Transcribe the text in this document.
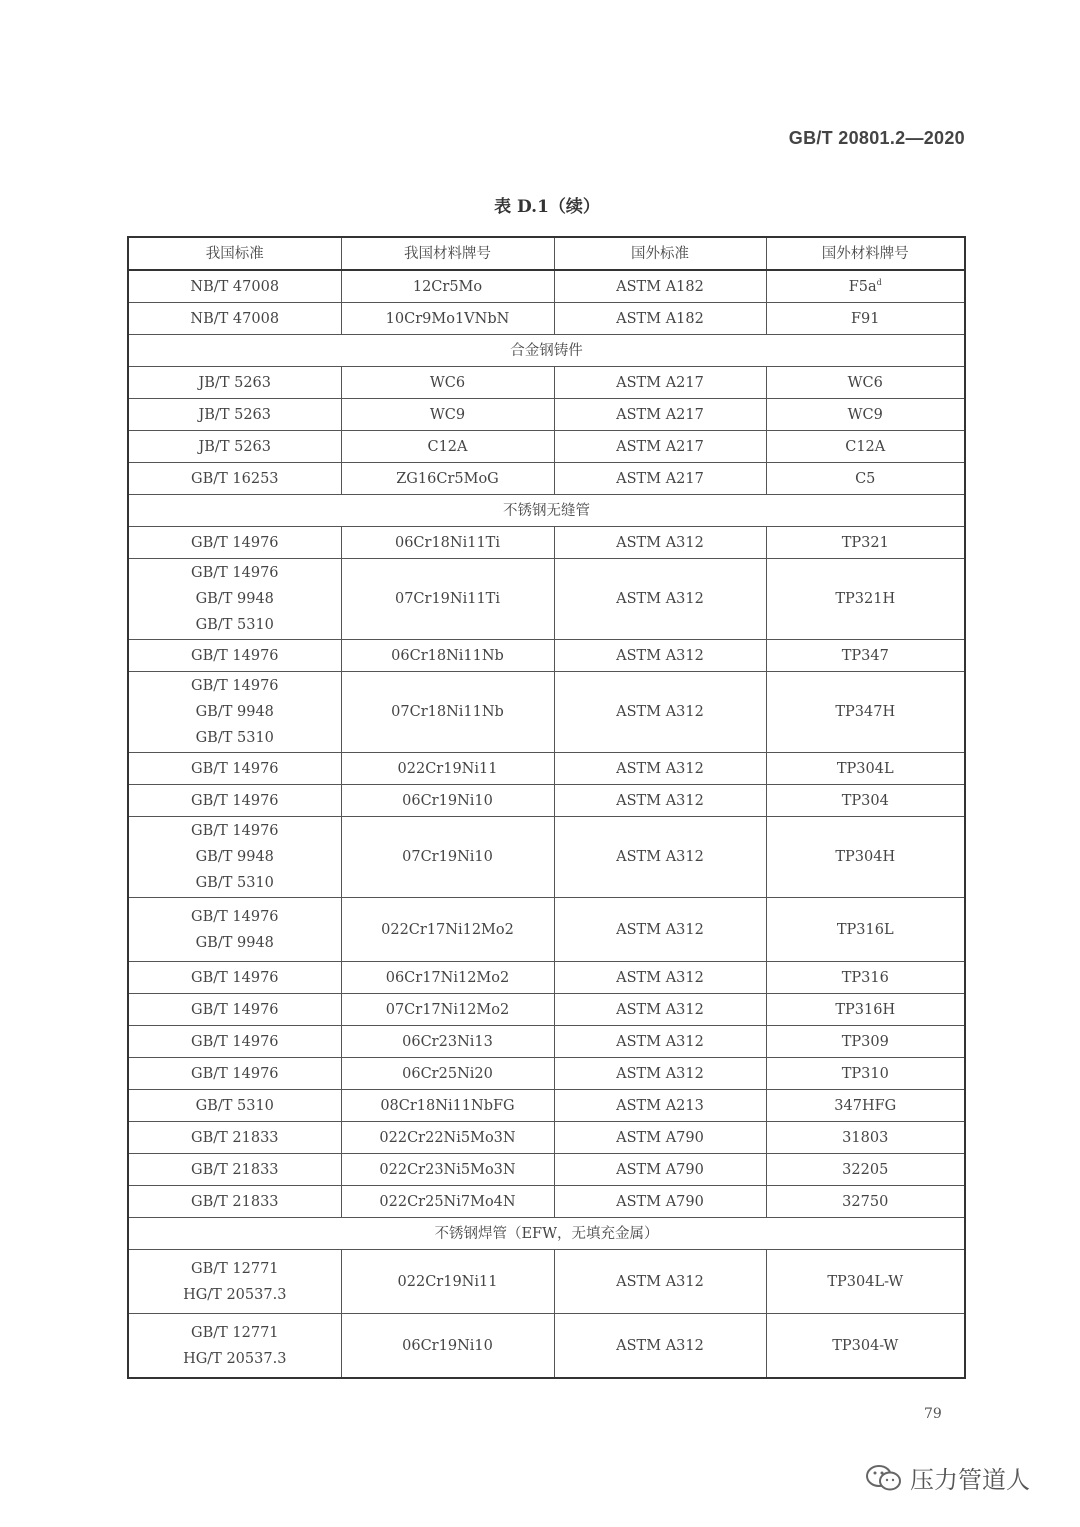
GB/T 20801.2—2020
表 D.1（续）
我国标准	我国材料牌号	国外标准	国外材料牌号

NB/T 47008	12Cr5Mo	ASTM A182	$F5a^d$

NB/T 47008	10Cr9Mo1VNbN	ASTM A182	F91
合金钢铸件			

JB/T 5263	WC6	ASTM A217	WC6

JB/T 5263	WC9	ASTM A217	WC9

JB/T 5263	C12A	ASTM A217	C12A

GB/T 16253	ZG16Cr5MoG	ASTM A217	C5
不锈钢无缝管			

GB/T 14976	06Cr18Ni11Ti	ASTM A312	TP321

GB/T 14976
GB/T 9948
GB/T 5310	07Cr19Ni11Ti	ASTM A312	TP321H

GB/T 14976	06Cr18Ni11Nb	ASTM A312	TP347

GB/T 14976
GB/T 9948
GB/T 5310	07Cr18Ni11Nb	ASTM A312	TP347H

GB/T 14976	022Cr19Ni11	ASTM A312	TP304L

GB/T 14976	06Cr19Ni10	ASTM A312	TP304

GB/T 14976
GB/T 9948
GB/T 5310	07Cr19Ni10	ASTM A312	TP304H

GB/T 14976
GB/T 9948	022Cr17Ni12Mo2	ASTM A312	TP316L

GB/T 14976	06Cr17Ni12Mo2	ASTM A312	TP316

GB/T 14976	07Cr17Ni12Mo2	ASTM A312	TP316H

GB/T 14976	06Cr23Ni13	ASTM A312	TP309

GB/T 14976	06Cr25Ni20	ASTM A312	TP310

GB/T 5310	08Cr18Ni11NbFG	ASTM A213	347HFG

GB/T 21833	022Cr22Ni5Mo3N	ASTM A790	31803

GB/T 21833	022Cr23Ni5Mo3N	ASTM A790	32205

GB/T 21833	022Cr25Ni7Mo4N	ASTM A790	32750
不锈钢焊管（EFW，无填充金属）			

GB/T 12771
HG/T 20537.3	022Cr19Ni11	ASTM A312	TP304L-W

GB/T 12771
HG/T 20537.3	06Cr19Ni10	ASTM A312	TP304-W
79
压力管道人
